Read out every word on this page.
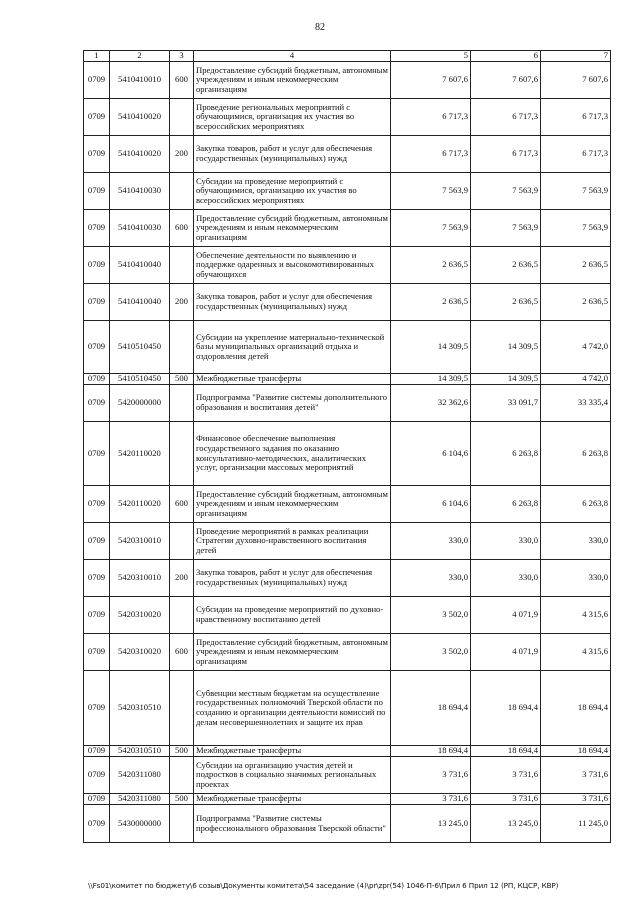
82
1	2	3	4	5	6	7
0709	5410410010	600	Предоставление субсидий бюджетным, автономным учреждениям и иным некоммерческим организациям	7 607,6	7 607,6	7 607,6
0709	5410410020		Проведение региональных мероприятий с обучающимися, организация их участия во всероссийских мероприятиях	6 717,3	6 717,3	6 717,3
0709	5410410020	200	Закупка товаров, работ и услуг для обеспечения государственных (муниципальных) нужд	6 717,3	6 717,3	6 717,3
0709	5410410030		Субсидии на проведение мероприятий с обучающимися, организацию их участия во всероссийских мероприятиях	7 563,9	7 563,9	7 563,9
0709	5410410030	600	Предоставление субсидий бюджетным, автономным учреждениям и иным некоммерческим организациям	7 563,9	7 563,9	7 563,9
0709	5410410040		Обеспечение деятельности по выявлению и поддержке одаренных и высокомотивированных обучающихся	2 636,5	2 636,5	2 636,5
0709	5410410040	200	Закупка товаров, работ и услуг для обеспечения государственных (муниципальных) нужд	2 636,5	2 636,5	2 636,5
0709	5410510450		Субсидии на укрепление материально-технической базы муниципальных организаций отдыха и оздоровления детей	14 309,5	14 309,5	4 742,0
0709	5410510450	500	Межбюджетные трансферты	14 309,5	14 309,5	4 742,0
0709	5420000000		Подпрограмма "Развитие системы дополнительного образования и воспитания детей"	32 362,6	33 091,7	33 335,4
0709	5420110020		Финансовое обеспечение выполнения государственного задания по оказанию консультативно-методических, аналитических услуг, организации массовых мероприятий	6 104,6	6 263,8	6 263,8
0709	5420110020	600	Предоставление субсидий бюджетным, автономным учреждениям и иным некоммерческим организациям	6 104,6	6 263,8	6 263,8
0709	5420310010		Проведение мероприятий в рамках реализации Стратегии духовно-нравственного воспитания детей	330,0	330,0	330,0
0709	5420310010	200	Закупка товаров, работ и услуг для обеспечения государственных (муниципальных) нужд	330,0	330,0	330,0
0709	5420310020		Субсидии на проведение мероприятий по духовно-нравственному воспитанию детей	3 502,0	4 071,9	4 315,6
0709	5420310020	600	Предоставление субсидий бюджетным, автономным учреждениям и иным некоммерческим организациям	3 502,0	4 071,9	4 315,6
0709	5420310510		Субвенции местным бюджетам на осуществление государственных полномочий Тверской области по созданию и организации деятельности комиссий по делам несовершеннолетних и защите их прав	18 694,4	18 694,4	18 694,4
0709	5420310510	500	Межбюджетные трансферты	18 694,4	18 694,4	18 694,4
0709	5420311080		Субсидии на организацию участия детей и подростков в социально значимых региональных проектах	3 731,6	3 731,6	3 731,6
0709	5420311080	500	Межбюджетные трансферты	3 731,6	3 731,6	3 731,6
0709	5430000000		Подпрограмма "Развитие системы профессионального образования Тверской области"	13 245,0	13 245,0	11 245,0
\\Fs01\комитет по бюджету\6 созыв\Документы комитета\54 заседание (4)\pr\zpr(54) 1046-П-6\Прил 6 Прил 12 (РП, КЦСР, КВР)
